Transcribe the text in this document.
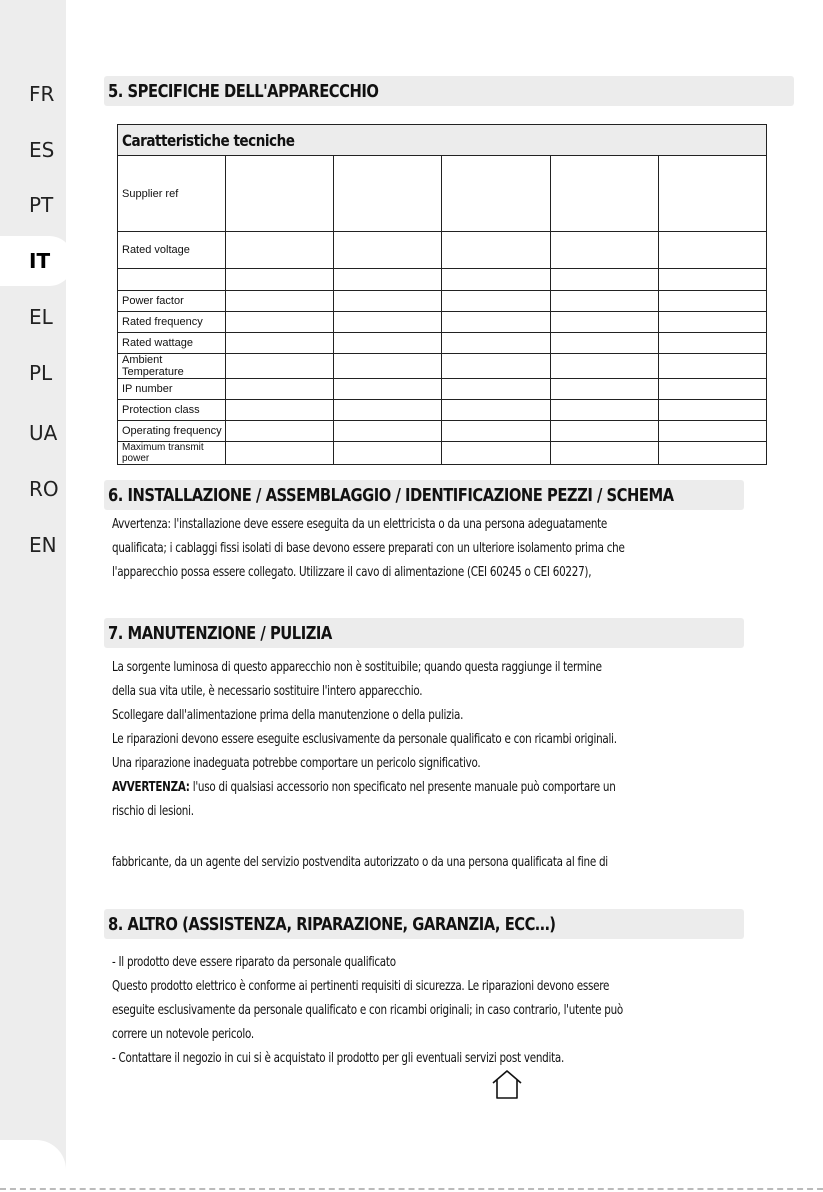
FR
ES
PT
IT
EL
PL
UA
RO
EN
5. SPECIFICHE DELL'APPARECCHIO
Caratteristiche tecniche					
Supplier ref					
Rated voltage					

Power factor					
Rated frequency					
Rated wattage					
Ambient Temperature					
IP number					
Protection class					
Operating frequency					
Maximum transmit power					
6. INSTALLAZIONE / ASSEMBLAGGIO / IDENTIFICAZIONE PEZZI / SCHEMA
Avvertenza: l'installazione deve essere eseguita da un elettricista o da una persona adeguatamente
qualificata; i cablaggi fissi isolati di base devono essere preparati con un ulteriore isolamento prima che
l'apparecchio possa essere collegato. Utilizzare il cavo di alimentazione (CEI 60245 o CEI 60227),
7. MANUTENZIONE / PULIZIA
La sorgente luminosa di questo apparecchio non è sostituibile; quando questa raggiunge il termine
della sua vita utile, è necessario sostituire l'intero apparecchio.
Scollegare dall'alimentazione prima della manutenzione o della pulizia.
Le riparazioni devono essere eseguite esclusivamente da personale qualificato e con ricambi originali.
Una riparazione inadeguata potrebbe comportare un pericolo significativo.
AVVERTENZA: l'uso di qualsiasi accessorio non specificato nel presente manuale può comportare un
rischio di lesioni.
fabbricante, da un agente del servizio postvendita autorizzato o da una persona qualificata al fine di
8. ALTRO (ASSISTENZA, RIPARAZIONE, GARANZIA, ECC…)
- Il prodotto deve essere riparato da personale qualificato
Questo prodotto elettrico è conforme ai pertinenti requisiti di sicurezza. Le riparazioni devono essere
eseguite esclusivamente da personale qualificato e con ricambi originali; in caso contrario, l'utente può
correre un notevole pericolo.
- Contattare il negozio in cui si è acquistato il prodotto per gli eventuali servizi post vendita.
